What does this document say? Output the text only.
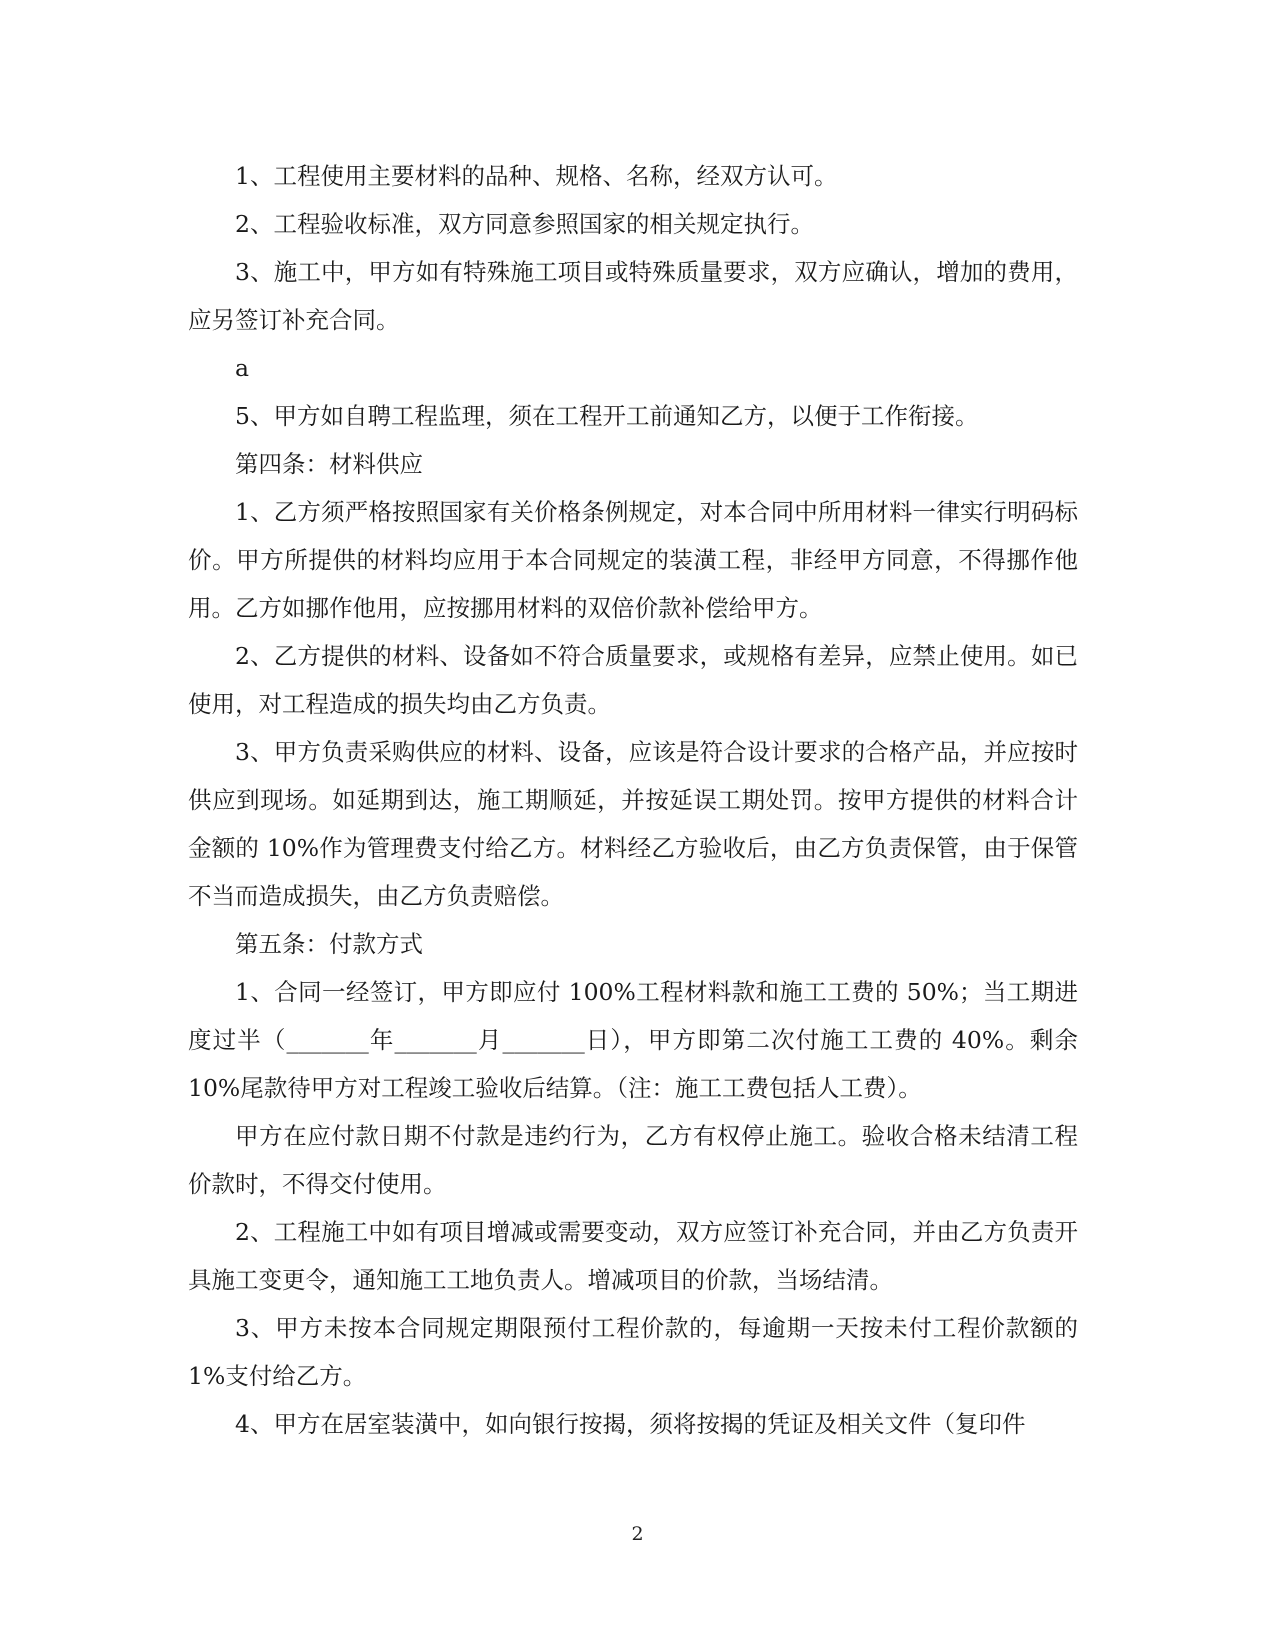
1、工程使用主要材料的品种、规格、名称，经双方认可。

2、工程验收标准，双方同意参照国家的相关规定执行。

3、施工中，甲方如有特殊施工项目或特殊质量要求，双方应确认，增加的费用，应另签订补充合同。

a

5、甲方如自聘工程监理，须在工程开工前通知乙方，以便于工作衔接。

第四条：材料供应

1、乙方须严格按照国家有关价格条例规定，对本合同中所用材料一律实行明码标价。甲方所提供的材料均应用于本合同规定的装潢工程，非经甲方同意，不得挪作他用。乙方如挪作他用，应按挪用材料的双倍价款补偿给甲方。

2、乙方提供的材料、设备如不符合质量要求，或规格有差异，应禁止使用。如已使用，对工程造成的损失均由乙方负责。

3、甲方负责采购供应的材料、设备，应该是符合设计要求的合格产品，并应按时供应到现场。如延期到达，施工期顺延，并按延误工期处罚。按甲方提供的材料合计金额的 10%作为管理费支付给乙方。材料经乙方验收后，由乙方负责保管，由于保管不当而造成损失，由乙方负责赔偿。

第五条：付款方式

1、合同一经签订，甲方即应付 100%工程材料款和施工工费的 50%；当工期进度过半（_______年_______月_______日），甲方即第二次付施工工费的 40%。剩余 10%尾款待甲方对工程竣工验收后结算。（注：施工工费包括人工费）。

甲方在应付款日期不付款是违约行为，乙方有权停止施工。验收合格未结清工程价款时，不得交付使用。

2、工程施工中如有项目增减或需要变动，双方应签订补充合同，并由乙方负责开具施工变更令，通知施工工地负责人。增减项目的价款，当场结清。

3、甲方未按本合同规定期限预付工程价款的，每逾期一天按未付工程价款额的 1%支付给乙方。

4、甲方在居室装潢中，如向银行按揭，须将按揭的凭证及相关文件（复印件

2
